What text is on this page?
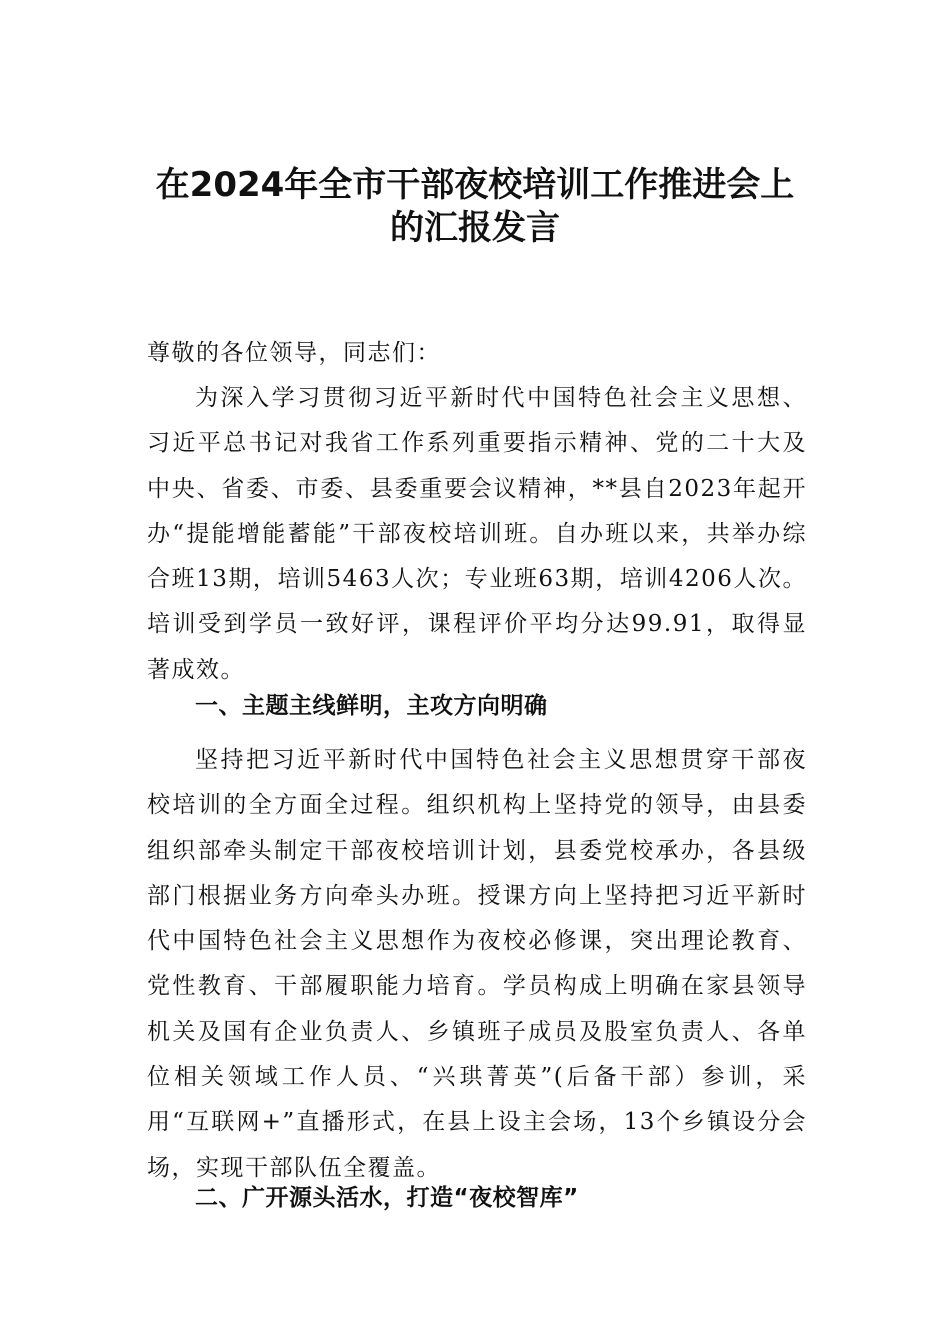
在2024年全市干部夜校培训工作推进会上
的汇报发言

尊敬的各位领导，同志们：

为深入学习贯彻习近平新时代中国特色社会主义思想、习近平总书记对我省工作系列重要指示精神、党的二十大及中央、省委、市委、县委重要会议精神，**县自2023年起开办“提能增能蓄能”干部夜校培训班。自办班以来，共举办综合班13期，培训5463人次；专业班63期，培训4206人次。培训受到学员一致好评，课程评价平均分达99.91，取得显著成效。

一、主题主线鲜明，主攻方向明确

坚持把习近平新时代中国特色社会主义思想贯穿干部夜校培训的全方面全过程。组织机构上坚持党的领导，由县委组织部牵头制定干部夜校培训计划，县委党校承办，各县级部门根据业务方向牵头办班。授课方向上坚持把习近平新时代中国特色社会主义思想作为夜校必修课，突出理论教育、党性教育、干部履职能力培育。学员构成上明确在家县领导机关及国有企业负责人、乡镇班子成员及股室负责人、各单位相关领域工作人员、“兴珙菁英”(后备干部）参训，采用“互联网+”直播形式，在县上设主会场，13个乡镇设分会场，实现干部队伍全覆盖。

二、广开源头活水，打造“夜校智库”
